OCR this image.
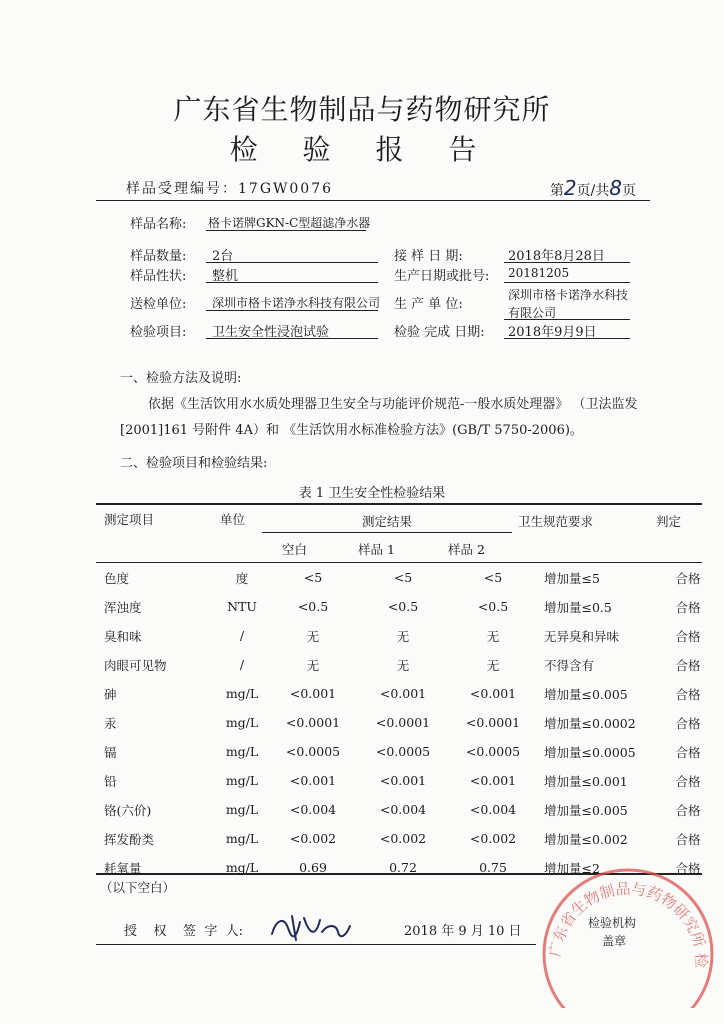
广东省生物制品与药物研究所
检 验 报 告
样品受理编号：17GW0076	第2页/共8页
样品名称: 格卡诺牌GKN-C型超滤净水器
样品数量: 2台	接 样 日 期:	2018年8月28日
样品性状: 整机	生产日期或批号: 20181205
送检单位: 深圳市格卡诺净水科技有限公司 生 产 单 位:
深圳市格卡诺净水科技
有限公司
检验项目: 卫生安全性浸泡试验	检验 完成 日期: 2018年9月9日
一、检验方法及说明:
依据《生活饮用水水质处理器卫生安全与功能评价规范-一般水质处理器》 （卫法监发
[2001]161 号附件 4A）和 《生活饮用水标准检验方法》(GB/T 5750-2006)。
二、检验项目和检验结果:
表 1 卫生安全性检验结果
测定项目	单位	测定结果	卫生规范要求	判定
空白	样品 1	样品 2
色度	度	<5	<5	<5	增加量≤5	合格
浑浊度	NTU	<0.5	<0.5	<0.5	增加量≤0.5	合格
臭和味	/	无	无	无	无异臭和异味	合格
肉眼可见物	/	无	无	无	不得含有	合格
砷	mg/L	<0.001	<0.001	<0.001	增加量≤0.005	合格
汞	mg/L	<0.0001	<0.0001	<0.0001	增加量≤0.0002	合格
镉	mg/L	<0.0005	<0.0005	<0.0005	增加量≤0.0005	合格
铅	mg/L	<0.001	<0.001	<0.001	增加量≤0.001	合格
铬(六价)	mg/L	<0.004	<0.004	<0.004	增加量≤0.005	合格
挥发酚类	mg/L	<0.002	<0.002	<0.002	增加量≤0.002	合格
耗氧量	mg/L	0.69	0.72	0.75	增加量≤2	合格
（以下空白）
授    权    签  字  人:	2018 年 9 月 10 日
广东省生物制品与药物研究所 检
检验机构
盖章
